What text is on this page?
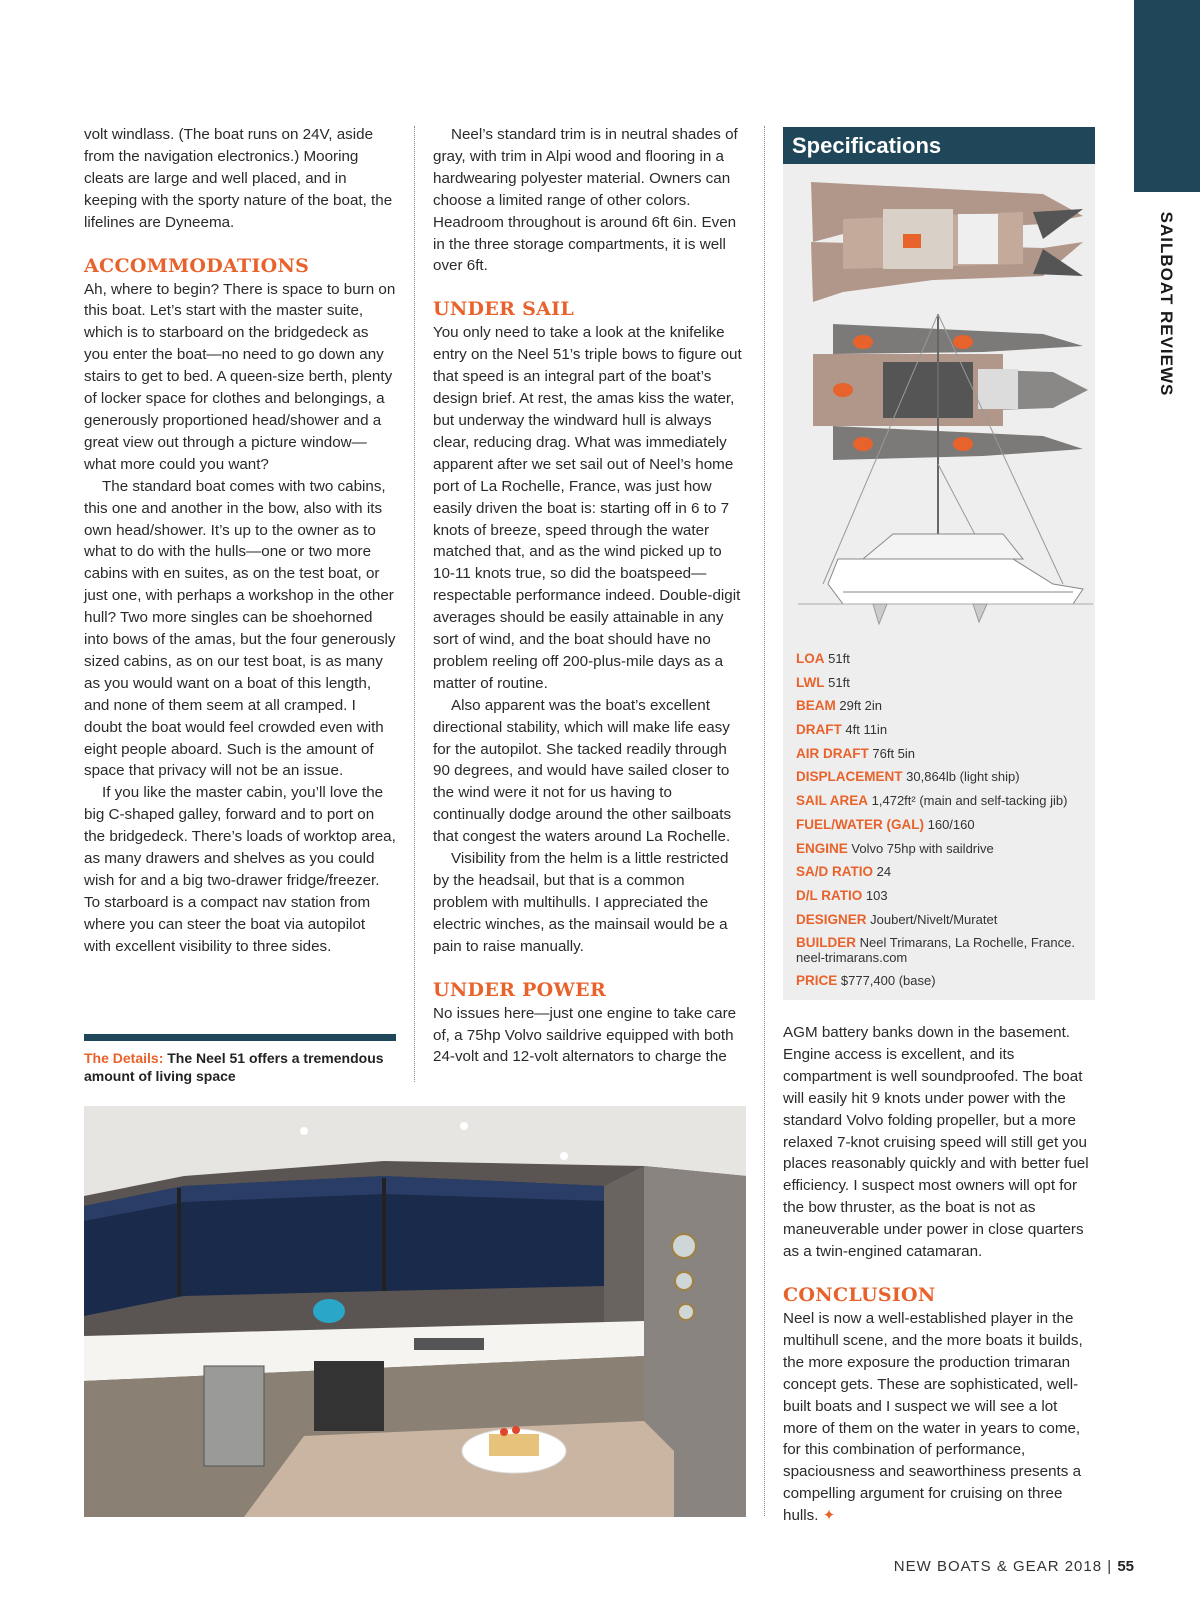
SAILBOAT REVIEWS

volt windlass. (The boat runs on 24V, aside from the navigation electronics.) Mooring cleats are large and well placed, and in keeping with the sporty nature of the boat, the lifelines are Dyneema.

ACCOMMODATIONS

Ah, where to begin? There is space to burn on this boat. Let’s start with the master suite, which is to starboard on the bridgedeck as you enter the boat—no need to go down any stairs to get to bed. A queen-size berth, plenty of locker space for clothes and belongings, a generously proportioned head/shower and a great view out through a picture window—what more could you want?

The standard boat comes with two cabins, this one and another in the bow, also with its own head/shower. It’s up to the owner as to what to do with the hulls—one or two more cabins with en suites, as on the test boat, or just one, with perhaps a workshop in the other hull? Two more singles can be shoehorned into bows of the amas, but the four generously sized cabins, as on our test boat, is as many as you would want on a boat of this length, and none of them seem at all cramped. I doubt the boat would feel crowded even with eight people aboard. Such is the amount of space that privacy will not be an issue.

If you like the master cabin, you’ll love the big C-shaped galley, forward and to port on the bridgedeck. There’s loads of worktop area, as many drawers and shelves as you could wish for and a big two-drawer fridge/freezer. To starboard is a compact nav station from where you can steer the boat via autopilot with excellent visibility to three sides.

Neel’s standard trim is in neutral shades of gray, with trim in Alpi wood and flooring in a hardwearing polyester material. Owners can choose a limited range of other colors. Headroom throughout is around 6ft 6in. Even in the three storage compartments, it is well over 6ft.

UNDER SAIL

You only need to take a look at the knifelike entry on the Neel 51’s triple bows to figure out that speed is an integral part of the boat’s design brief. At rest, the amas kiss the water, but underway the windward hull is always clear, reducing drag. What was immediately apparent after we set sail out of Neel’s home port of La Rochelle, France, was just how easily driven the boat is: starting off in 6 to 7 knots of breeze, speed through the water matched that, and as the wind picked up to 10-11 knots true, so did the boatspeed—respectable performance indeed. Double-digit averages should be easily attainable in any sort of wind, and the boat should have no problem reeling off 200-plus-mile days as a matter of routine.

Also apparent was the boat’s excellent directional stability, which will make life easy for the autopilot. She tacked readily through 90 degrees, and would have sailed closer to the wind were it not for us having to continually dodge around the other sailboats that congest the waters around La Rochelle.

Visibility from the helm is a little restricted by the headsail, but that is a common problem with multihulls. I appreciated the electric winches, as the mainsail would be a pain to raise manually.

UNDER POWER

No issues here—just one engine to take care of, a 75hp Volvo saildrive equipped with both 24-volt and 12-volt alternators to charge the

Specifications
LOA 51ft
LWL 51ft
BEAM 29ft 2in
DRAFT 4ft 11in
AIR DRAFT 76ft 5in
DISPLACEMENT 30,864lb (light ship)
SAIL AREA 1,472ft² (main and self-tacking jib)
FUEL/WATER (GAL) 160/160
ENGINE Volvo 75hp with saildrive
SA/D RATIO 24
D/L RATIO 103
DESIGNER Joubert/Nivelt/Muratet
BUILDER Neel Trimarans, La Rochelle, France. neel-trimarans.com
PRICE $777,400 (base)

AGM battery banks down in the basement. Engine access is excellent, and its compartment is well soundproofed. The boat will easily hit 9 knots under power with the standard Volvo folding propeller, but a more relaxed 7-knot cruising speed will still get you places reasonably quickly and with better fuel efficiency. I suspect most owners will opt for the bow thruster, as the boat is not as maneuverable under power in close quarters as a twin-engined catamaran.

CONCLUSION

Neel is now a well-established player in the multihull scene, and the more boats it builds, the more exposure the production trimaran concept gets. These are sophisticated, well-built boats and I suspect we will see a lot more of them on the water in years to come, for this combination of performance, spaciousness and seaworthiness presents a compelling argument for cruising on three hulls. ✦

The Details: The Neel 51 offers a tremendous amount of living space
NEW BOATS & GEAR 2018 | 55
